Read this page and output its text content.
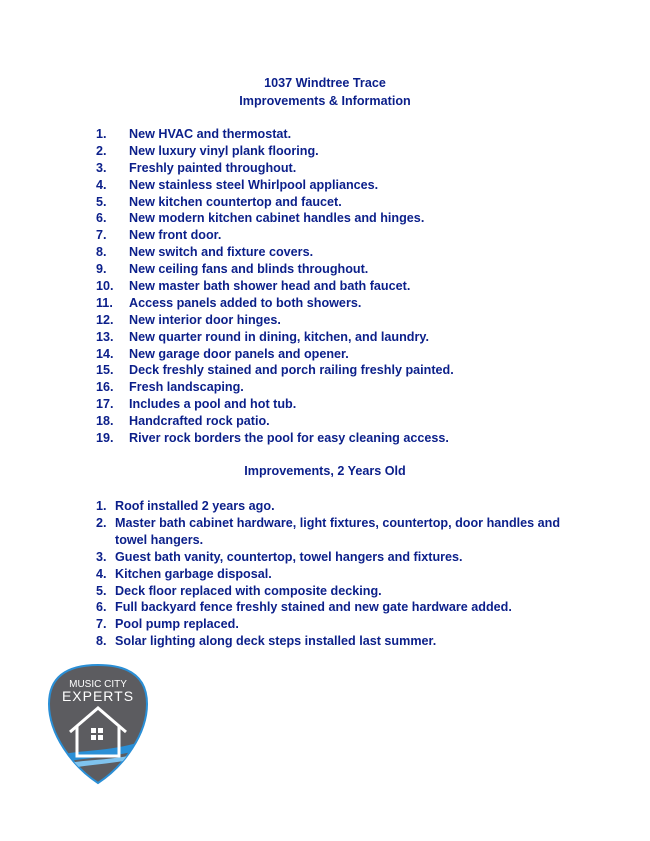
1037 Windtree Trace
Improvements & Information
1. New HVAC and thermostat.
2. New luxury vinyl plank flooring.
3. Freshly painted throughout.
4. New stainless steel Whirlpool appliances.
5. New kitchen countertop and faucet.
6. New modern kitchen cabinet handles and hinges.
7. New front door.
8. New switch and fixture covers.
9. New ceiling fans and blinds throughout.
10. New master bath shower head and bath faucet.
11. Access panels added to both showers.
12. New interior door hinges.
13. New quarter round in dining, kitchen, and laundry.
14. New garage door panels and opener.
15. Deck freshly stained and porch railing freshly painted.
16. Fresh landscaping.
17. Includes a pool and hot tub.
18. Handcrafted rock patio.
19. River rock borders the pool for easy cleaning access.
Improvements, 2 Years Old
1. Roof installed 2 years ago.
2. Master bath cabinet hardware, light fixtures, countertop, door handles and towel hangers.
3. Guest bath vanity, countertop, towel hangers and fixtures.
4. Kitchen garbage disposal.
5. Deck floor replaced with composite decking.
6. Full backyard fence freshly stained and new gate hardware added.
7. Pool pump replaced.
8. Solar lighting along deck steps installed last summer.
MUSIC CITY
EXPERTS
